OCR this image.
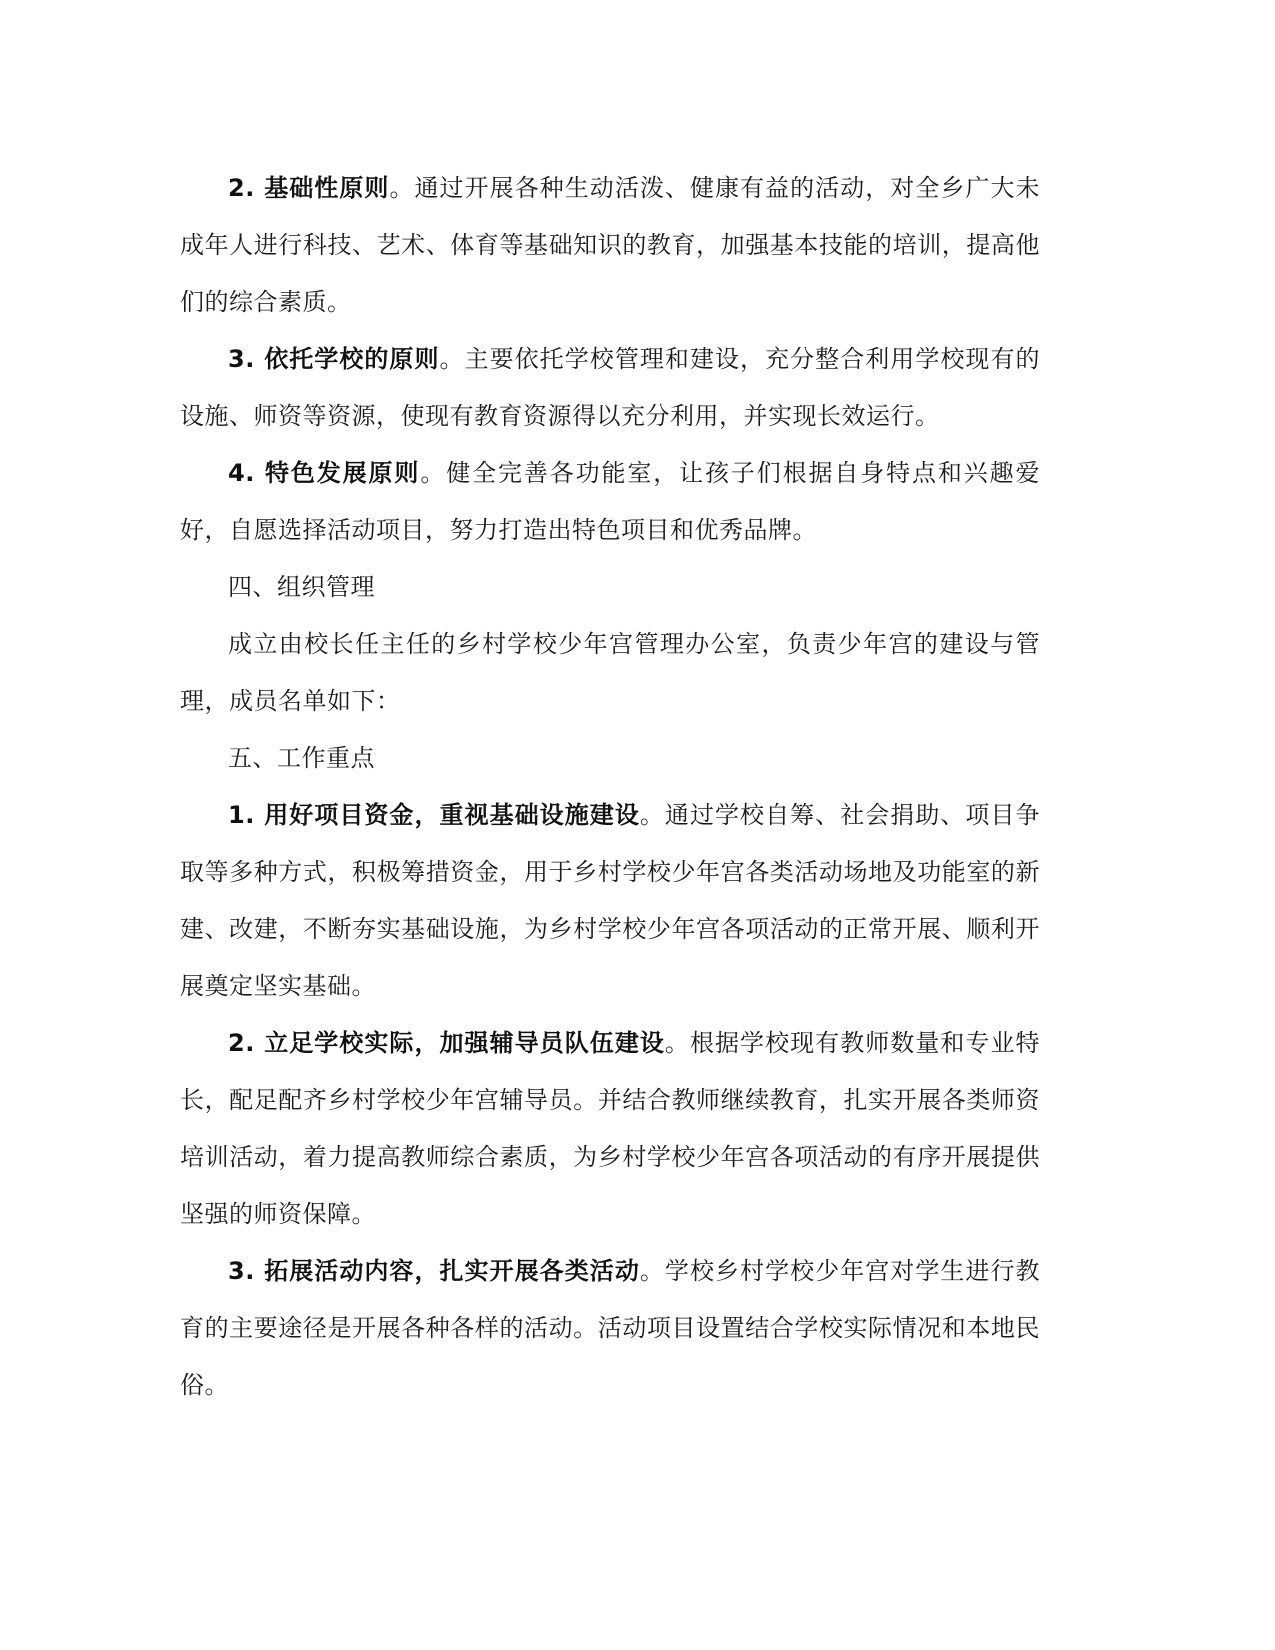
2. 基础性原则。通过开展各种生动活泼、健康有益的活动，对全乡广大未成年人进行科技、艺术、体育等基础知识的教育，加强基本技能的培训，提高他们的综合素质。

3. 依托学校的原则。主要依托学校管理和建设，充分整合利用学校现有的设施、师资等资源，使现有教育资源得以充分利用，并实现长效运行。

4. 特色发展原则。健全完善各功能室，让孩子们根据自身特点和兴趣爱好，自愿选择活动项目，努力打造出特色项目和优秀品牌。

四、组织管理

成立由校长任主任的乡村学校少年宫管理办公室，负责少年宫的建设与管理，成员名单如下：

五、工作重点

1. 用好项目资金，重视基础设施建设。通过学校自筹、社会捐助、项目争取等多种方式，积极筹措资金，用于乡村学校少年宫各类活动场地及功能室的新建、改建，不断夯实基础设施，为乡村学校少年宫各项活动的正常开展、顺利开展奠定坚实基础。

2. 立足学校实际，加强辅导员队伍建设。根据学校现有教师数量和专业特长，配足配齐乡村学校少年宫辅导员。并结合教师继续教育，扎实开展各类师资培训活动，着力提高教师综合素质，为乡村学校少年宫各项活动的有序开展提供坚强的师资保障。

3. 拓展活动内容，扎实开展各类活动。学校乡村学校少年宫对学生进行教育的主要途径是开展各种各样的活动。活动项目设置结合学校实际情况和本地民俗。
